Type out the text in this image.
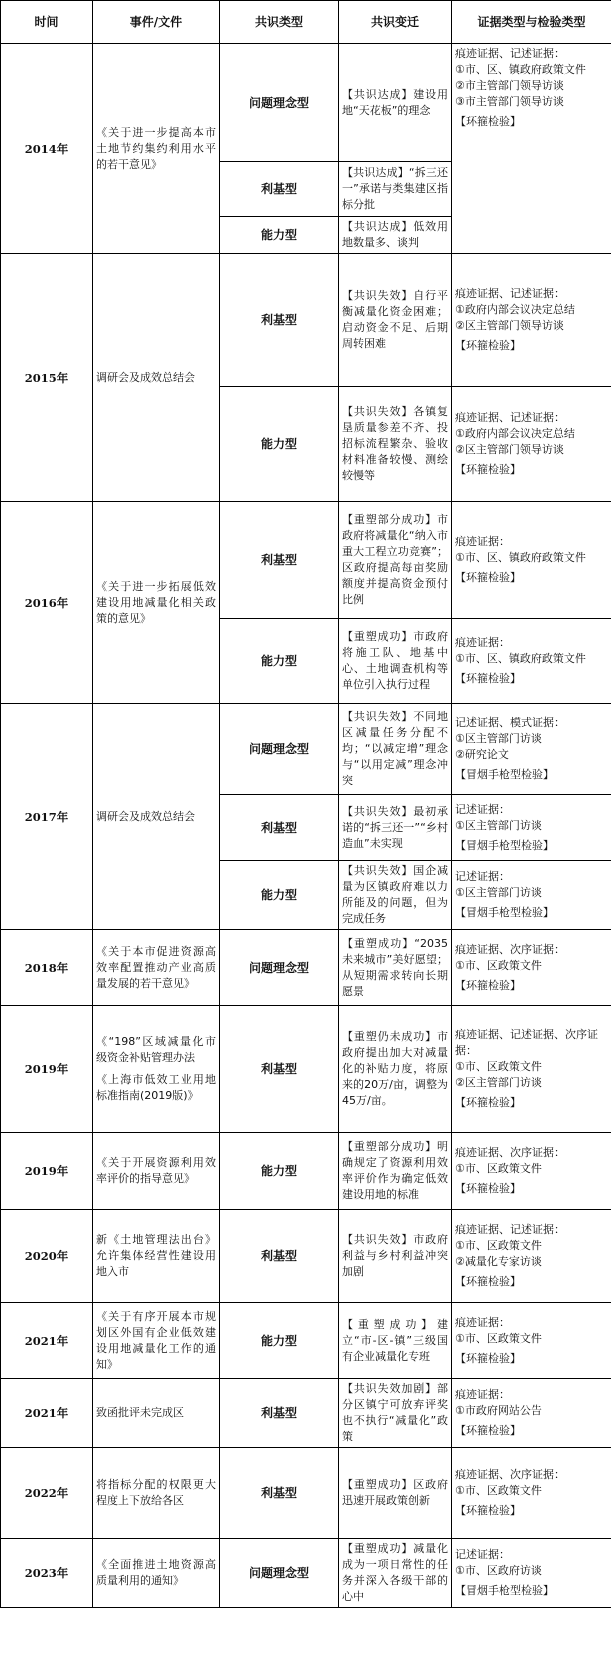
时间	事件/文件	共识类型	共识变迁	证据类型与检验类型
2014年	《关于进一步提高本市土地节约集约利用水平的若干意见》	问题理念型	【共识达成】建设用地“天花板”的理念	痕迹证据、记述证据：
①市、区、镇政府政策文件
②市主管部门领导访谈
③市主管部门领导访谈
【环箍检验】

		利基型	【共识达成】“拆三还一”承诺与类集建区指标分批	
		能力型	【共识达成】低效用地数量多、谈判	
2015年	调研会及成效总结会	利基型	【共识失效】自行平衡减量化资金困难；启动资金不足、后期周转困难	痕迹证据、记述证据：
①政府内部会议决定总结
②区主管部门领导访谈
【环箍检验】

		能力型	【共识失效】各镇复垦质量参差不齐、投招标流程繁杂、验收材料准备较慢、测绘较慢等	痕迹证据、记述证据：
①政府内部会议决定总结
②区主管部门领导访谈
【环箍检验】

2016年	《关于进一步拓展低效建设用地减量化相关政策的意见》	利基型	【重塑部分成功】市政府将减量化“纳入市重大工程立功竞赛”；区政府提高每亩奖励额度并提高资金预付比例	痕迹证据：
①市、区、镇政府政策文件
【环箍检验】

		能力型	【重塑成功】市政府将施工队、地基中心、土地调查机构等单位引入执行过程	痕迹证据：
①市、区、镇政府政策文件
【环箍检验】

2017年	调研会及成效总结会	问题理念型	【共识失效】不同地区减量任务分配不均；“以减定增”理念与“以用定减”理念冲突	记述证据、模式证据：
①区主管部门访谈
②研究论文
【冒烟手枪型检验】

		利基型	【共识失效】最初承诺的“拆三还一”“乡村造血”未实现	记述证据：
①区主管部门访谈
【冒烟手枪型检验】

		能力型	【共识失效】国企减量为区镇政府难以力所能及的问题，但为完成任务	记述证据：
①区主管部门访谈
【冒烟手枪型检验】

2018年	《关于本市促进资源高效率配置推动产业高质量发展的若干意见》	问题理念型	【重塑成功】“2035未来城市”美好愿望；从短期需求转向长期愿景	痕迹证据、次序证据：
①市、区政策文件
【环箍检验】

2019年	《“198”区域减量化市级资金补贴管理办法
《上海市低效工业用地标准指南(2019版)》	利基型	【重塑仍未成功】市政府提出加大对减量化的补贴力度，将原来的20万/亩，调整为45万/亩。	痕迹证据、记述证据、次序证据：
①市、区政策文件
②区主管部门访谈
【环箍检验】

2019年	《关于开展资源利用效率评价的指导意见》	能力型	【重塑部分成功】明确规定了资源利用效率评价作为确定低效建设用地的标准	痕迹证据、次序证据：
①市、区政策文件
【环箍检验】

2020年	新《土地管理法出台》允许集体经营性建设用地入市	利基型	【共识失效】市政府利益与乡村利益冲突加剧	痕迹证据、记述证据：
①市、区政策文件
②减量化专家访谈
【环箍检验】

2021年	《关于有序开展本市规划区外国有企业低效建设用地减量化工作的通知》	能力型	【重塑成功】建立“市-区-镇”三级国有企业减量化专班	痕迹证据：
①市、区政策文件
【环箍检验】

2021年	致函批评未完成区	利基型	【共识失效加剧】部分区镇宁可放弃评奖也不执行“减量化”政策	痕迹证据：
①市政府网站公告
【环箍检验】

2022年	将指标分配的权限更大程度上下放给各区	利基型	【重塑成功】区政府迅速开展政策创新	痕迹证据、次序证据：
①市、区政策文件
【环箍检验】

2023年	《全面推进土地资源高质量利用的通知》	问题理念型	【重塑成功】减量化成为一项日常性的任务并深入各级干部的心中	记述证据：
①市、区政府访谈
【冒烟手枪型检验】
